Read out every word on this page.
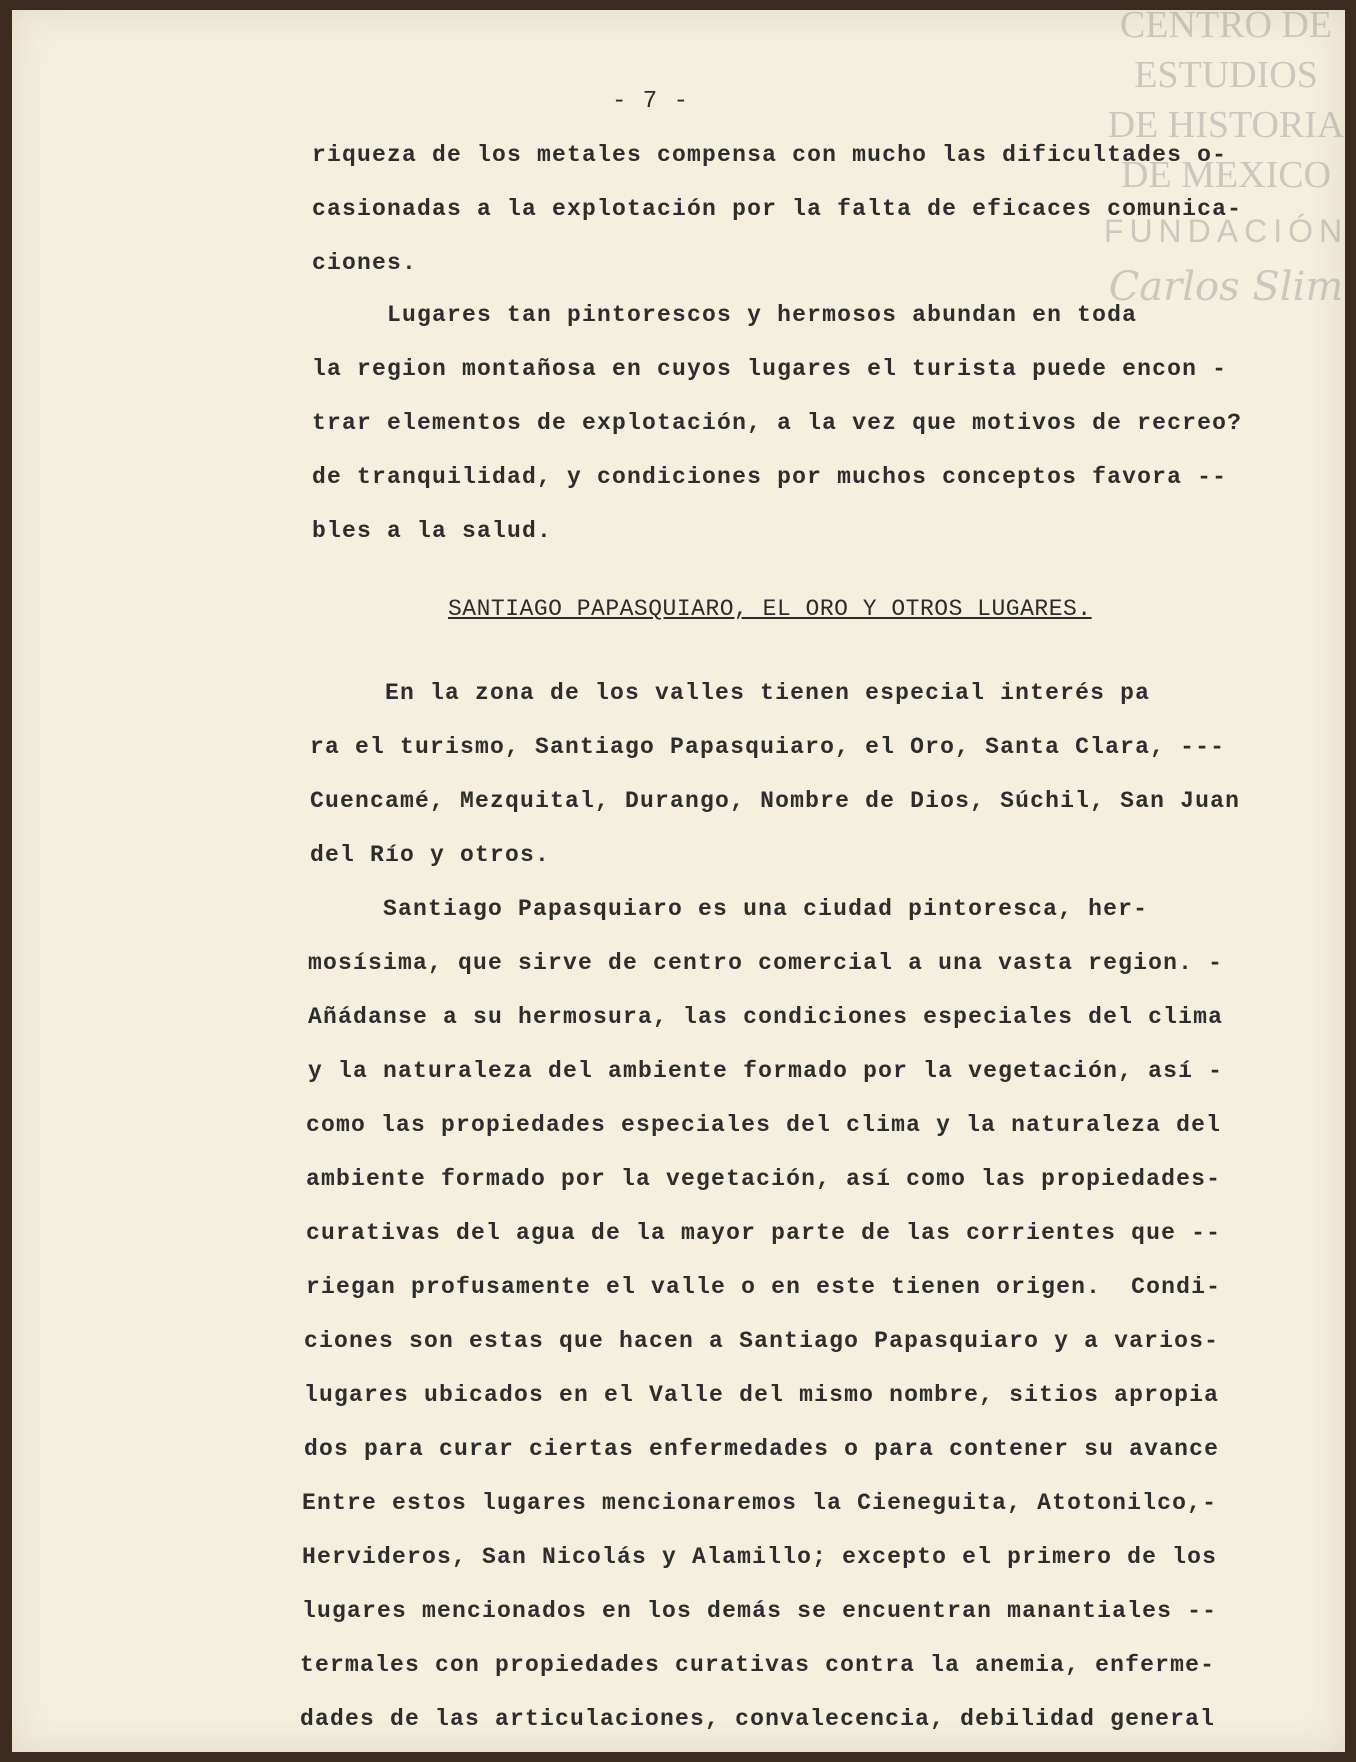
- 7 -
riqueza de los metales compensa con mucho las dificultades o-
casionadas a la explotación por la falta de eficaces comunica-
ciones.
Lugares tan pintorescos y hermosos abundan en toda
la region montañosa en cuyos lugares el turista puede encon -
trar elementos de explotación, a la vez que motivos de recreo?
de tranquilidad, y condiciones por muchos conceptos favora --
bles a la salud.
SANTIAGO PAPASQUIARO, EL ORO Y OTROS LUGARES.
En la zona de los valles tienen especial interés pa
ra el turismo, Santiago Papasquiaro, el Oro, Santa Clara, ---
Cuencamé, Mezquital, Durango, Nombre de Dios, Súchil, San Juan
del Río y otros.
Santiago Papasquiaro es una ciudad pintoresca, her-
mosísima, que sirve de centro comercial a una vasta region. -
Añádanse a su hermosura, las condiciones especiales del clima
y la naturaleza del ambiente formado por la vegetación, así -
como las propiedades especiales del clima y la naturaleza del
ambiente formado por la vegetación, así como las propiedades-
curativas del agua de la mayor parte de las corrientes que --
riegan profusamente el valle o en este tienen origen.  Condi-
ciones son estas que hacen a Santiago Papasquiaro y a varios-
lugares ubicados en el Valle del mismo nombre, sitios apropia
dos para curar ciertas enfermedades o para contener su avance
Entre estos lugares mencionaremos la Cieneguita, Atotonilco,-
Hervideros, San Nicolás y Alamillo; excepto el primero de los
lugares mencionados en los demás se encuentran manantiales --
termales con propiedades curativas contra la anemia, enferme-
dades de las articulaciones, convalecencia, debilidad general
CENTRO DE
ESTUDIOS
DE HISTORIA
DE MEXICO
FUNDACIÓN
Carlos Slim
